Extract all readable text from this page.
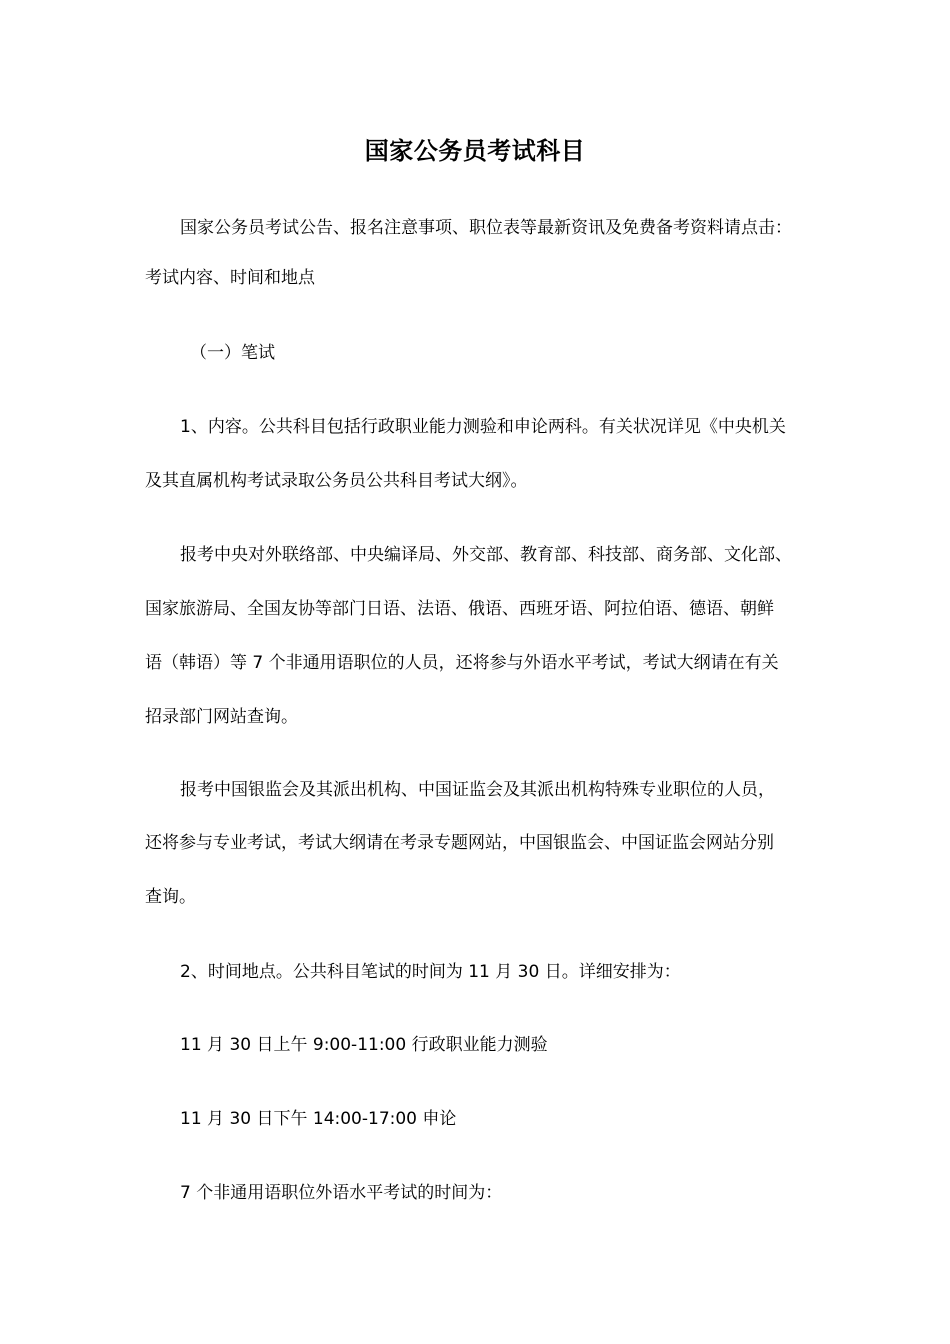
国家公务员考试科目

国家公务员考试公告、报名注意事项、职位表等最新资讯及免费备考资料请点击：

考试内容、时间和地点

（一）笔试

1、内容。公共科目包括行政职业能力测验和申论两科。有关状况详见《中央机关

及其直属机构考试录取公务员公共科目考试大纲》。

报考中央对外联络部、中央编译局、外交部、教育部、科技部、商务部、文化部、

国家旅游局、全国友协等部门日语、法语、俄语、西班牙语、阿拉伯语、德语、朝鲜

语（韩语）等 7 个非通用语职位的人员，还将参与外语水平考试，考试大纲请在有关

招录部门网站查询。

报考中国银监会及其派出机构、中国证监会及其派出机构特殊专业职位的人员，

还将参与专业考试，考试大纲请在考录专题网站，中国银监会、中国证监会网站分别

查询。

2、时间地点。公共科目笔试的时间为 11 月 30 日。详细安排为：

11 月 30 日上午 9:00-11:00 行政职业能力测验

11 月 30 日下午 14:00-17:00 申论

7 个非通用语职位外语水平考试的时间为：
